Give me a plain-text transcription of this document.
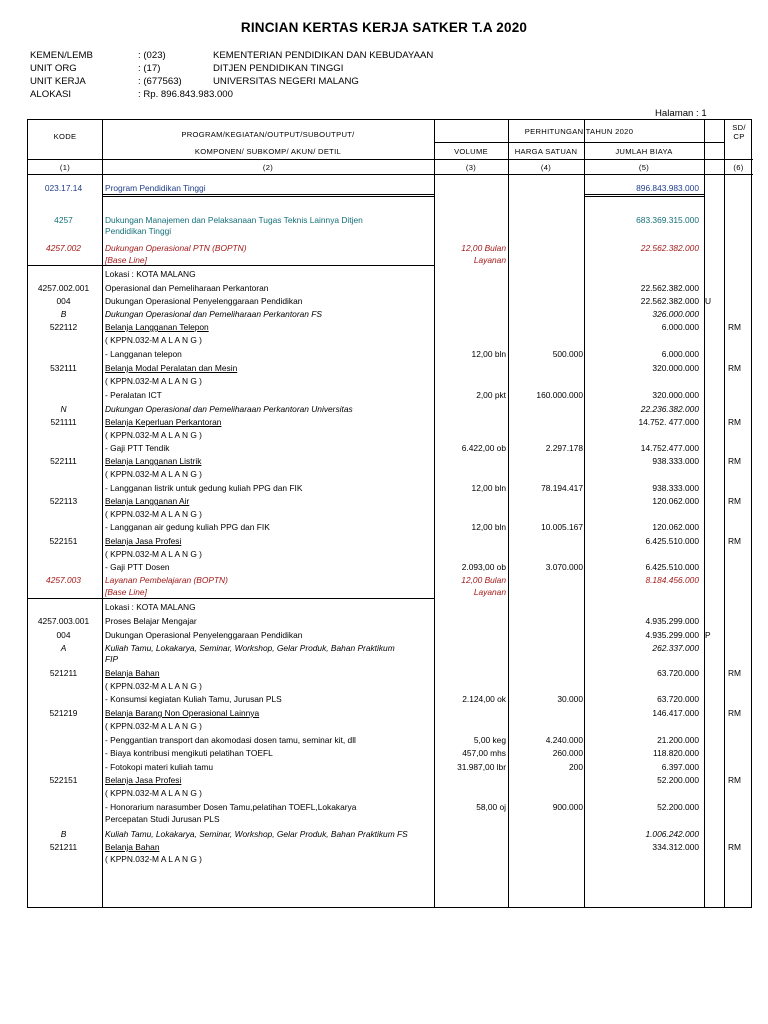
RINCIAN KERTAS KERJA SATKER T.A 2020
KEMEN/LEMB	: (023)	KEMENTERIAN PENDIDIKAN DAN KEBUDAYAAN
UNIT ORG	: (17)	DITJEN PENDIDIKAN TINGGI
UNIT KERJA	: (677563)	UNIVERSITAS NEGERI MALANG
ALOKASI	: Rp. 896.843.983.000
Halaman : 1
KODE	PROGRAM/KEGIATAN/OUTPUT/SUBOUTPUT/
KOMPONEN/ SUBKOMP/ AKUN/ DETIL
PERHITUNGAN TAHUN 2020
VOLUME	HARGA SATUAN	JUMLAH BIAYA
SD/ CP
(1)	(2)	(3)	(4)	(5)	(6)
023.17.14	Program Pendidikan Tinggi	896.843.983.000
4257	Dukungan Manajemen dan Pelaksanaan Tugas Teknis Lainnya Ditjen	683.369.315.000
Pendidikan Tinggi
4257.002	Dukungan Operasional PTN (BOPTN)	12,00 Bulan	22.562.382.000
[Base Line]	Layanan
Lokasi : KOTA MALANG
4257.002.001	Operasional dan Pemeliharaan Perkantoran	22.562.382.000
004	Dukungan Operasional Penyelenggaraan Pendidikan	22.562.382.000 U
B	Dukungan Operasional dan Pemeliharaan Perkantoran FS	326.000.000
522112	Belanja Langganan Telepon	6.000.000	RM
( KPPN.032-M A L A N G )
- Langganan telepon	12,00 bln	500.000	6.000.000
532111	Belanja Modal Peralatan dan Mesin	320.000.000	RM
( KPPN.032-M A L A N G )
- Peralatan ICT	2,00 pkt	160.000.000	320.000.000
N	Dukungan Operasional dan Pemeliharaan Perkantoran Universitas	22.236.382.000
521111	Belanja Keperluan Perkantoran	14.752. 477.000	RM
( KPPN.032-M A L A N G )
- Gaji PTT Tendik	6.422,00 ob	2.297.178	14.752.477.000
522111	Belanja Langganan Listrik	938.333.000	RM
( KPPN.032-M A L A N G )
- Langganan listrik untuk gedung kuliah PPG dan FIK	12,00 bln	78.194.417	938.333.000
522113	Belanja Langganan Air	120.062.000	RM
( KPPN.032-M A L A N G )
- Langganan air gedung kuliah PPG dan FIK	12,00 bln	10.005.167	120.062.000
522151	Belanja Jasa Profesi	6.425.510.000	RM
( KPPN.032-M A L A N G )
- Gaji PTT Dosen	2.093,00 ob	3.070.000	6.425.510.000
4257.003	Layanan Pembelajaran (BOPTN)	12,00 Bulan	8.184.456.000
[Base Line]	Layanan
Lokasi : KOTA MALANG
4257.003.001	Proses Belajar Mengajar	4.935.299.000
004	Dukungan Operasional Penyelenggaraan Pendidikan	4.935.299.000 P
A	Kuliah Tamu, Lokakarya, Seminar, Workshop, Gelar Produk, Bahan Praktikum	262.337.000
FIP
521211	Belanja Bahan	63.720.000	RM
( KPPN.032-M A L A N G )
- Konsumsi kegiatan Kuliah Tamu, Jurusan PLS	2.124,00 ok	30.000	63.720.000
521219	Belanja Barang Non Operasional Lainnya	146.417.000	RM
( KPPN.032-M A L A N G )
- Penggantian transport dan akomodasi dosen tamu, seminar kit, dll	5,00 keg	4.240.000	21.200.000
- Biaya kontribusi mengikuti pelatihan TOEFL	457,00 mhs	260.000	118.820.000
- Fotokopi materi kuliah tamu	31.987,00 lbr	200	6.397.000
522151	Belanja Jasa Profesi	52.200.000	RM
( KPPN.032-M A L A N G )
- Honorarium narasumber Dosen Tamu,pelatihan TOEFL,Lokakarya	58,00 oj	900.000	52.200.000
Percepatan Studi Jurusan PLS
B	Kuliah Tamu, Lokakarya, Seminar, Workshop, Gelar Produk, Bahan Praktikum FS	1.006.242.000
521211	Belanja Bahan	334.312.000	RM
( KPPN.032-M A L A N G )
